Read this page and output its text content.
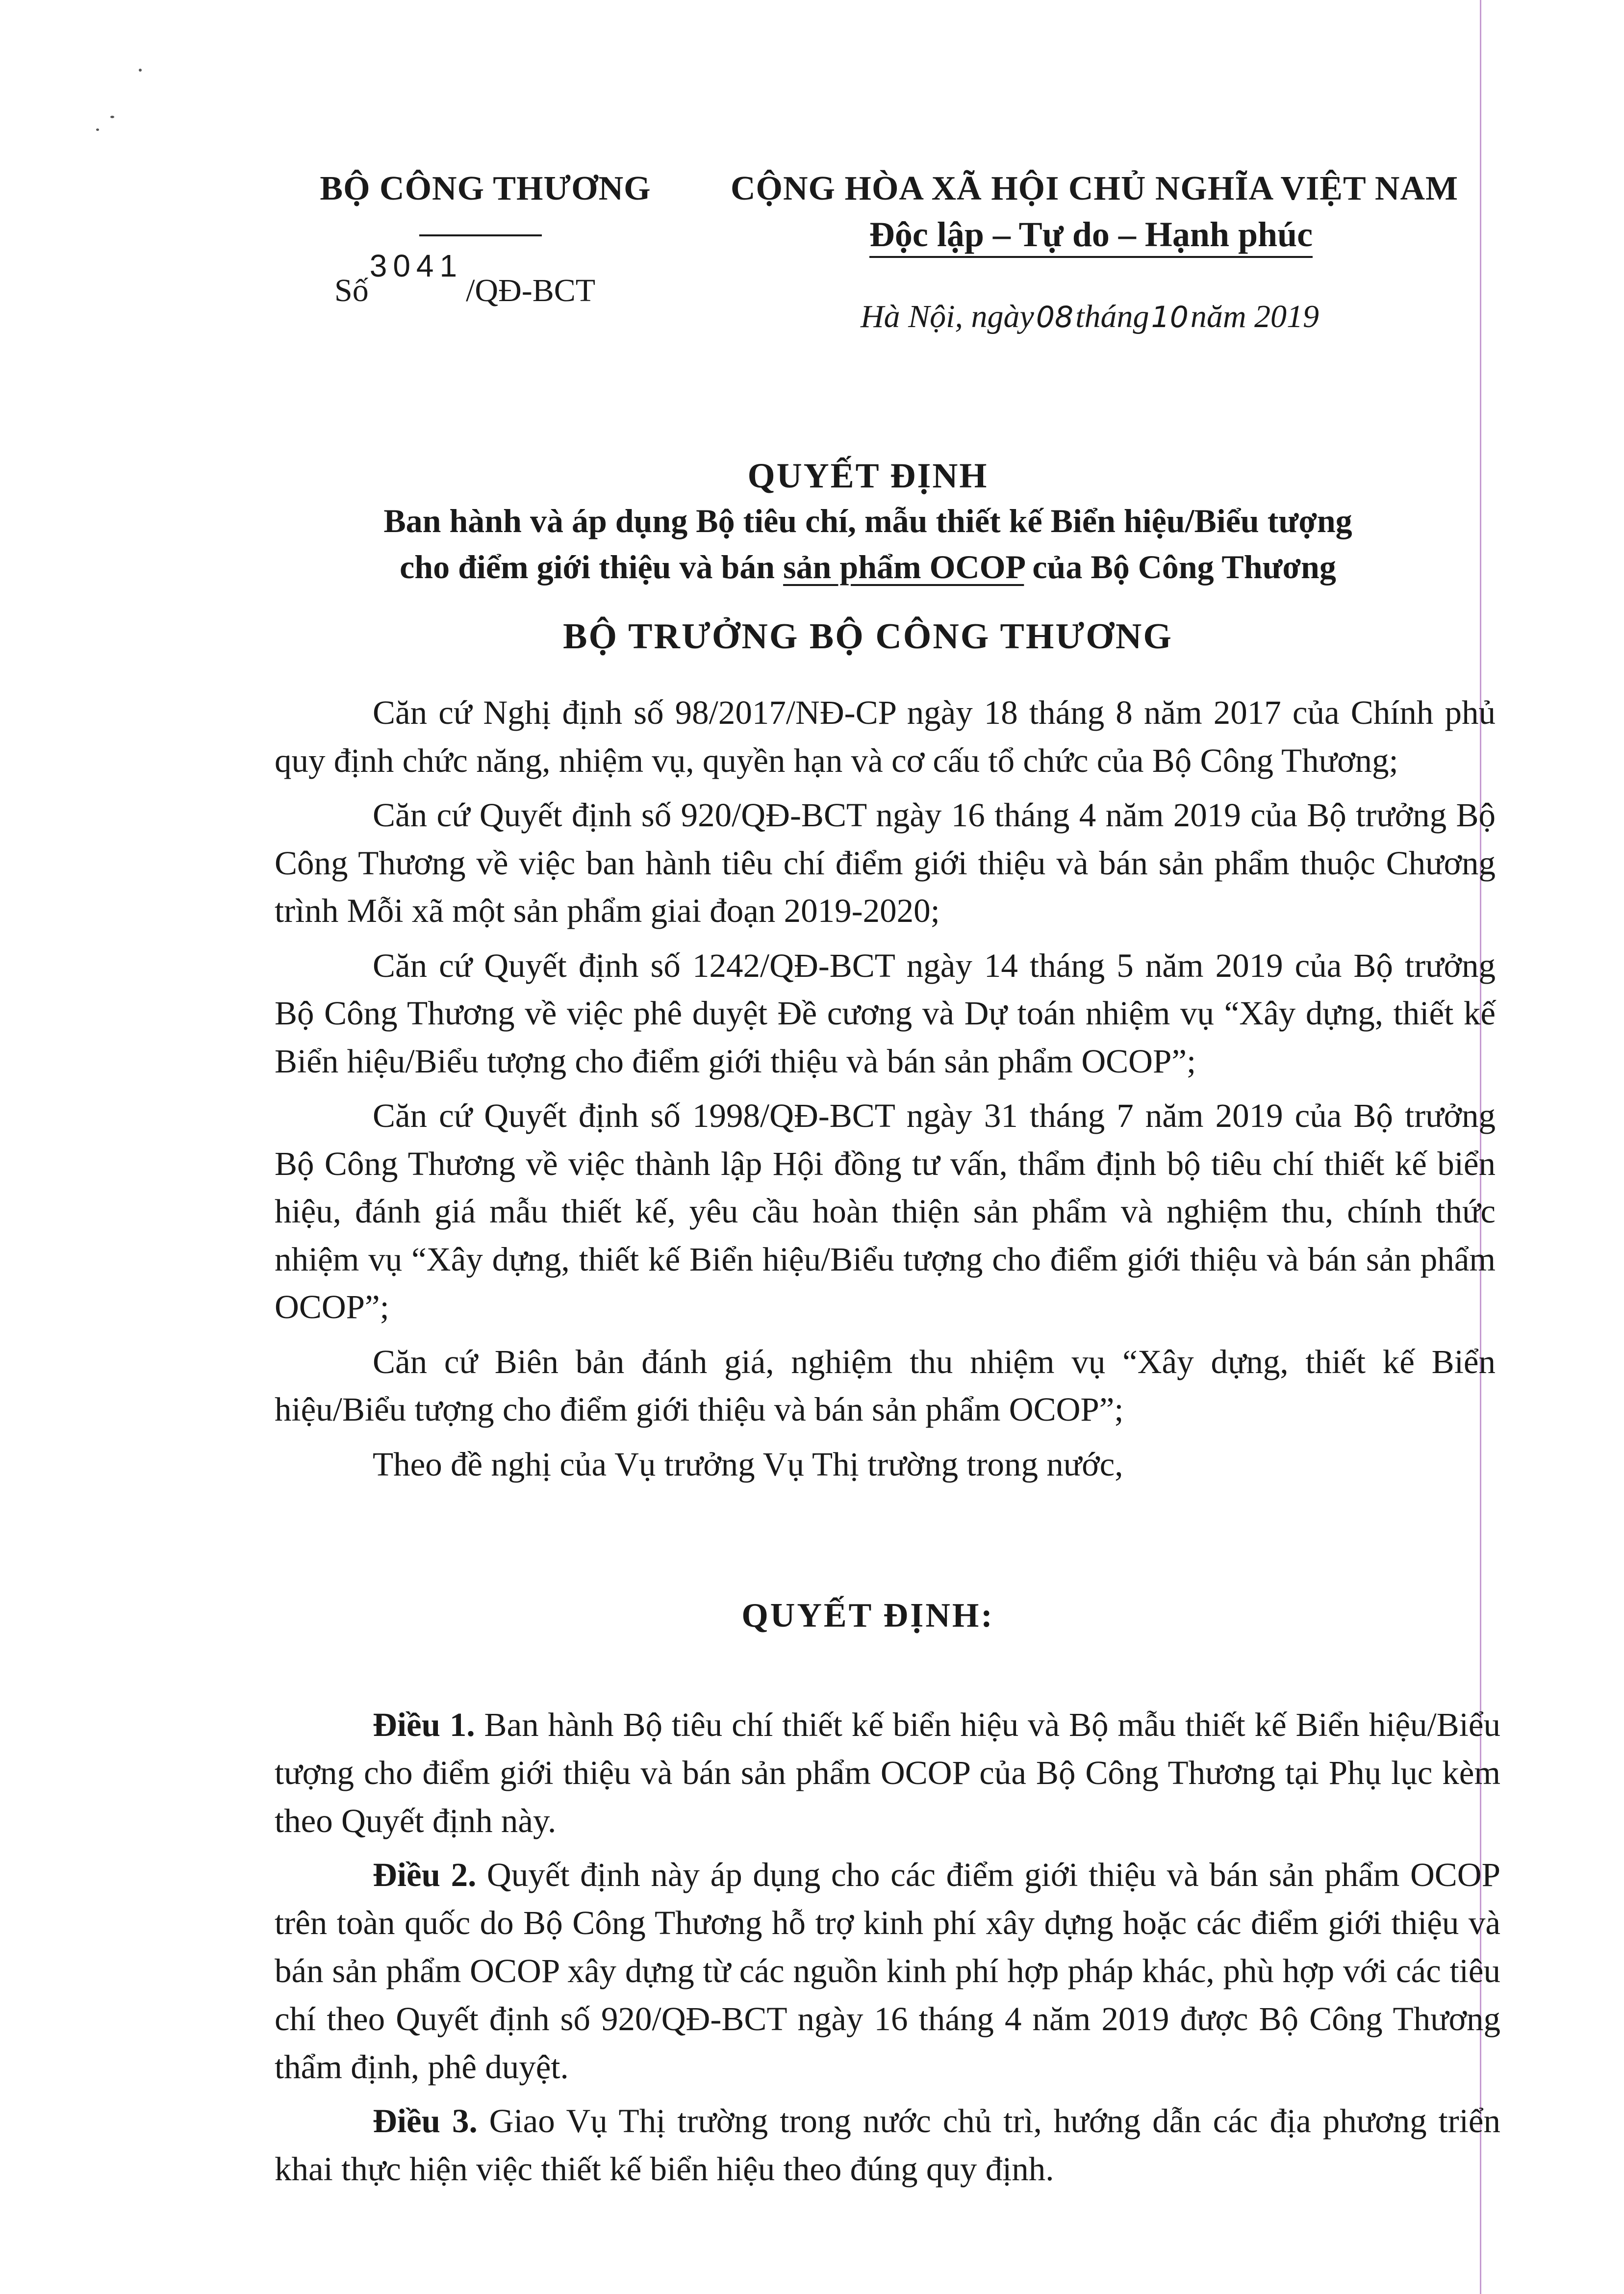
BỘ CÔNG THƯƠNG
Số3041/QĐ-BCT
CỘNG HÒA XÃ HỘI CHỦ NGHĨA VIỆT NAM
Độc lập – Tự do – Hạnh phúc
Hà Nội, ngày08tháng10năm 2019
QUYẾT ĐỊNH
Ban hành và áp dụng Bộ tiêu chí, mẫu thiết kế Biển hiệu/Biểu tượng
cho điểm giới thiệu và bán sản phẩm OCOP của Bộ Công Thương
BỘ TRƯỞNG BỘ CÔNG THƯƠNG

Căn cứ Nghị định số 98/2017/NĐ-CP ngày 18 tháng 8 năm 2017 của Chính phủ quy định chức năng, nhiệm vụ, quyền hạn và cơ cấu tổ chức của Bộ Công Thương;

Căn cứ Quyết định số 920/QĐ-BCT ngày 16 tháng 4 năm 2019 của Bộ trưởng Bộ Công Thương về việc ban hành tiêu chí điểm giới thiệu và bán sản phẩm thuộc Chương trình Mỗi xã một sản phẩm giai đoạn 2019-2020;

Căn cứ Quyết định số 1242/QĐ-BCT ngày 14 tháng 5 năm 2019 của Bộ trưởng Bộ Công Thương về việc phê duyệt Đề cương và Dự toán nhiệm vụ “Xây dựng, thiết kế Biển hiệu/Biểu tượng cho điểm giới thiệu và bán sản phẩm OCOP”;

Căn cứ Quyết định số 1998/QĐ-BCT ngày 31 tháng 7 năm 2019 của Bộ trưởng Bộ Công Thương về việc thành lập Hội đồng tư vấn, thẩm định bộ tiêu chí thiết kế biển hiệu, đánh giá mẫu thiết kế, yêu cầu hoàn thiện sản phẩm và nghiệm thu, chính thức nhiệm vụ “Xây dựng, thiết kế Biển hiệu/Biểu tượng cho điểm giới thiệu và bán sản phẩm OCOP”;

Căn cứ Biên bản đánh giá, nghiệm thu nhiệm vụ “Xây dựng, thiết kế Biển hiệu/Biểu tượng cho điểm giới thiệu và bán sản phẩm OCOP”;

Theo đề nghị của Vụ trưởng Vụ Thị trường trong nước,

QUYẾT ĐỊNH:

Điều 1. Ban hành Bộ tiêu chí thiết kế biển hiệu và Bộ mẫu thiết kế Biển hiệu/Biểu tượng cho điểm giới thiệu và bán sản phẩm OCOP của Bộ Công Thương tại Phụ lục kèm theo Quyết định này.

Điều 2. Quyết định này áp dụng cho các điểm giới thiệu và bán sản phẩm OCOP trên toàn quốc do Bộ Công Thương hỗ trợ kinh phí xây dựng hoặc các điểm giới thiệu và bán sản phẩm OCOP xây dựng từ các nguồn kinh phí hợp pháp khác, phù hợp với các tiêu chí theo Quyết định số 920/QĐ-BCT ngày 16 tháng 4 năm 2019 được Bộ Công Thương thẩm định, phê duyệt.

Điều 3. Giao Vụ Thị trường trong nước chủ trì, hướng dẫn các địa phương triển khai thực hiện việc thiết kế biển hiệu theo đúng quy định.
